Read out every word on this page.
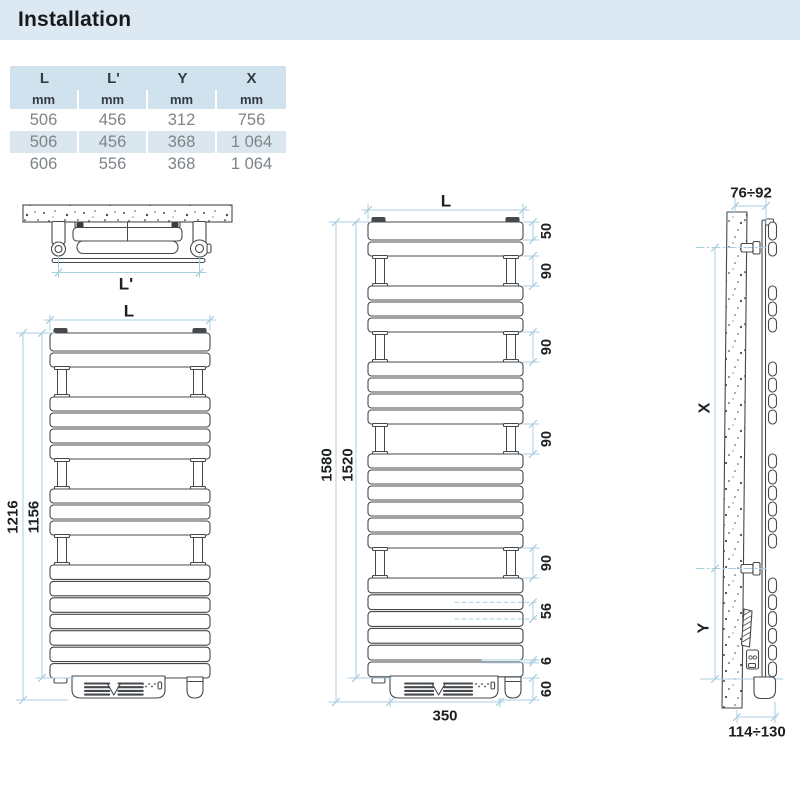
Installation
L	L'	Y	X
mm	mm	mm	mm
506	456	312	756
506	456	368	1 064
606	556	368	1 064
L'
L
1216 1156
L
1580 1520
50
90
90
90
90
56
6
60
350
76÷92
X
Y
114÷130
